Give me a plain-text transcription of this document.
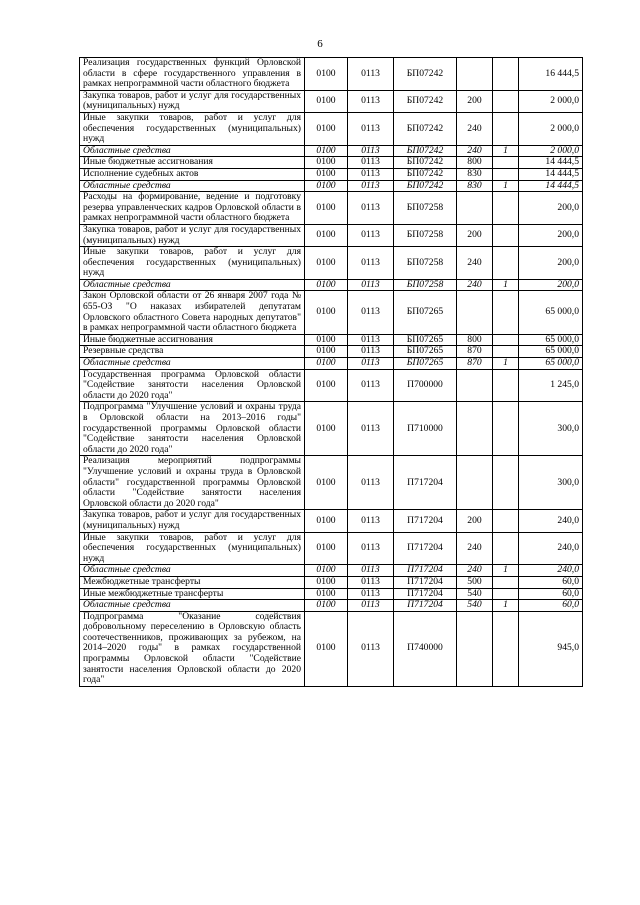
6
Реализация государственных функций Орловской области в сфере государственного управления в рамках непрограммной части областного бюджета	0100	0113	БП07242			16 444,5
Закупка товаров, работ и услуг для государственных (муниципальных) нужд	0100	0113	БП07242	200		2 000,0
Иные закупки товаров, работ и услуг для обеспечения государственных (муниципальных) нужд	0100	0113	БП07242	240		2 000,0
Областные средства	0100	0113	БП07242	240	1	2 000,0
Иные бюджетные ассигнования	0100	0113	БП07242	800		14 444,5
Исполнение судебных актов	0100	0113	БП07242	830		14 444,5
Областные средства	0100	0113	БП07242	830	1	14 444,5
Расходы на формирование, ведение и подготовку резерва управленческих кадров Орловской области в рамках непрограммной части областного бюджета	0100	0113	БП07258			200,0
Закупка товаров, работ и услуг для государственных (муниципальных) нужд	0100	0113	БП07258	200		200,0
Иные закупки товаров, работ и услуг для обеспечения государственных (муниципальных) нужд	0100	0113	БП07258	240		200,0
Областные средства	0100	0113	БП07258	240	1	200,0
Закон Орловской области от 26 января 2007 года № 655-ОЗ "О наказах избирателей депутатам Орловского областного Совета народных депутатов" в рамках непрограммной части областного бюджета	0100	0113	БП07265			65 000,0
Иные бюджетные ассигнования	0100	0113	БП07265	800		65 000,0
Резервные средства	0100	0113	БП07265	870		65 000,0
Областные средства	0100	0113	БП07265	870	1	65 000,0
Государственная программа Орловской области "Содействие занятости населения Орловской области до 2020 года"	0100	0113	П700000			1 245,0
Подпрограмма "Улучшение условий и охраны труда в Орловской области на 2013–2016 годы" государственной программы Орловской области "Содействие занятости населения Орловской области до 2020 года"	0100	0113	П710000			300,0
Реализация мероприятий подпрограммы "Улучшение условий и охраны труда в Орловской области" государственной программы Орловской области "Содействие занятости населения Орловской области до 2020 года"	0100	0113	П717204			300,0
Закупка товаров, работ и услуг для государственных (муниципальных) нужд	0100	0113	П717204	200		240,0
Иные закупки товаров, работ и услуг для обеспечения государственных (муниципальных) нужд	0100	0113	П717204	240		240,0
Областные средства	0100	0113	П717204	240	1	240,0
Межбюджетные трансферты	0100	0113	П717204	500		60,0
Иные межбюджетные трансферты	0100	0113	П717204	540		60,0
Областные средства	0100	0113	П717204	540	1	60,0
Подпрограмма "Оказание содействия добровольному переселению в Орловскую область соотечественников, проживающих за рубежом, на 2014–2020 годы" в рамках государственной программы Орловской области "Содействие занятости населения Орловской области до 2020 года"	0100	0113	П740000			945,0
